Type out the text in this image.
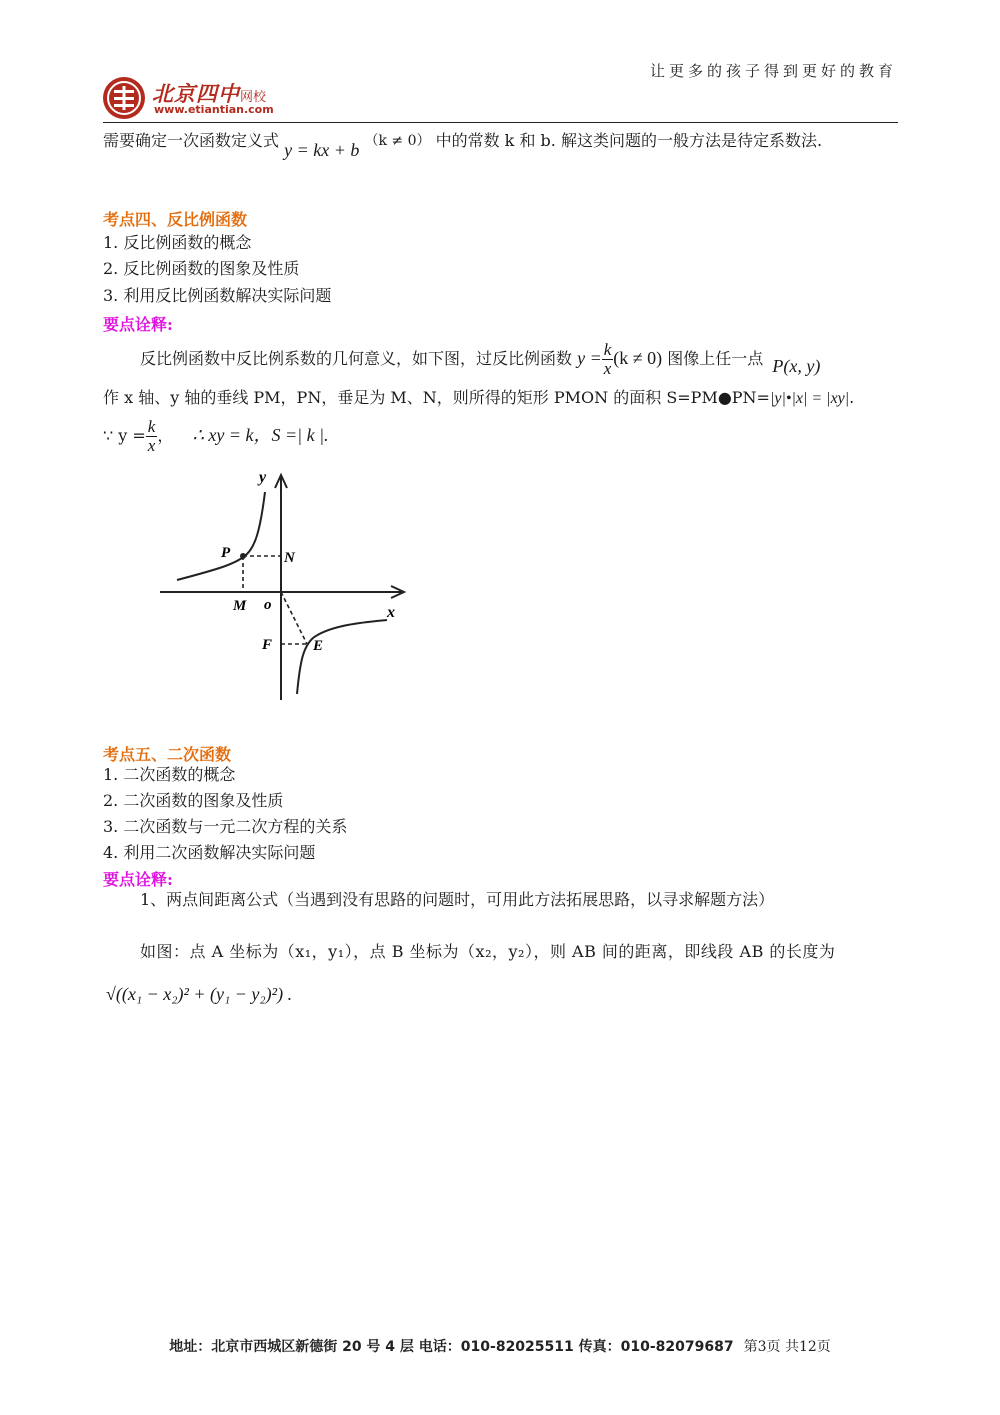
北京四中网校
www.etiantian.com
让更多的孩子得到更好的教育
需要确定一次函数定义式 y = kx + b （k ≠ 0） 中的常数 k 和 b. 解这类问题的一般方法是待定系数法.
考点四、反比例函数
1. 反比例函数的概念
2. 反比例函数的图象及性质
3. 利用反比例函数解决实际问题
要点诠释:
反比例函数中反比例系数的几何意义，如下图，过反比例函数 $y = \frac{k}{x} (k \ne 0)$ 图像上任一点 P(x, y)
作 x 轴、y 轴的垂线 PM，PN，垂足为 M、N，则所得的矩形 PMON 的面积 S=PM●PN=|y|•|x| = |xy|.
∵ $y = \frac{k}{x}$ ， ∴ xy = k，S =| k |.
y
x
o
P	N
M
F	E
考点五、二次函数
1. 二次函数的概念
2. 二次函数的图象及性质
3. 二次函数与一元二次方程的关系
4. 利用二次函数解决实际问题
要点诠释:
1、两点间距离公式（当遇到没有思路的问题时，可用此方法拓展思路，以寻求解题方法）
如图：点 A 坐标为（x₁，y₁），点 B 坐标为（x₂，y₂），则 AB 间的距离，即线段 AB 的长度为
√((x₁ − x₂)² + (y₁ − y₂)²) .
地址：北京市西城区新德街 20 号 4 层 电话：010-82025511 传真：010-82079687 第3页 共12页
